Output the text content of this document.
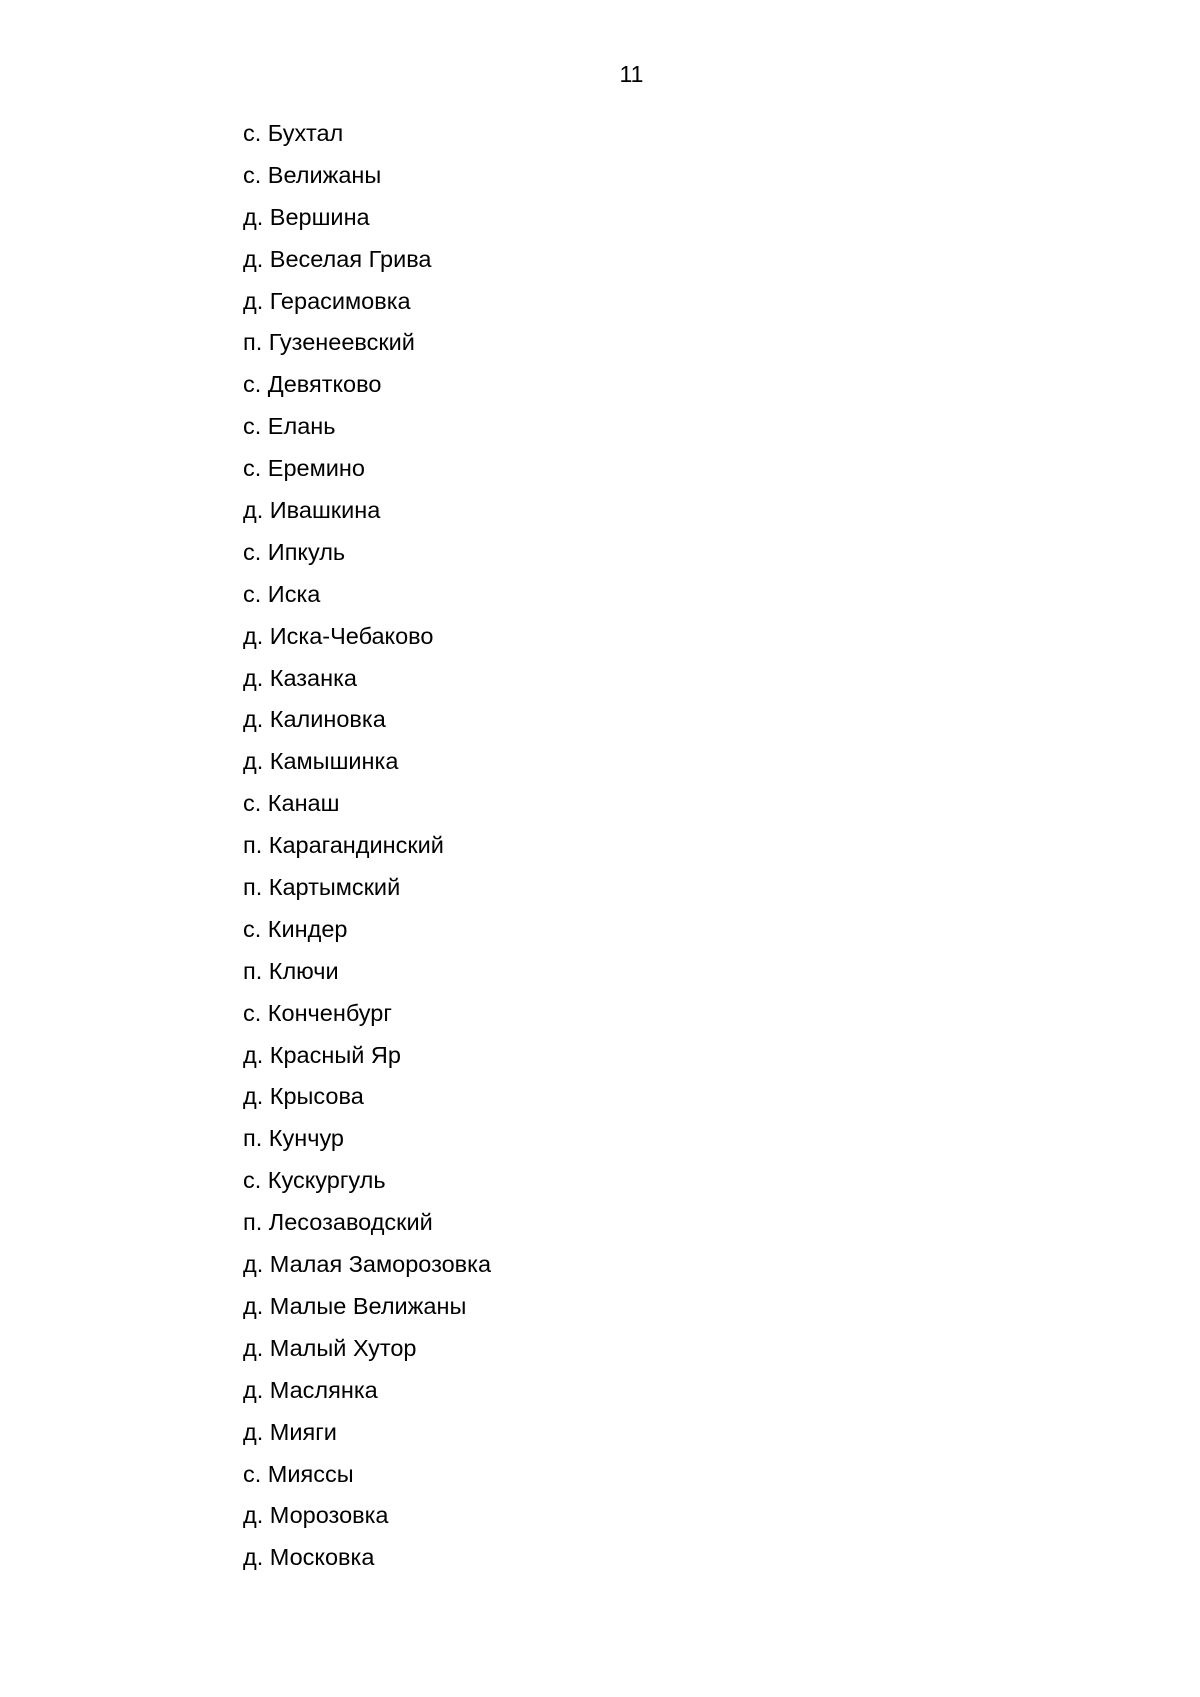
11
с. Бухтал
с. Велижаны
д. Вершина
д. Веселая Грива
д. Герасимовка
п. Гузенеевский
с. Девятково
с. Елань
с. Еремино
д. Ивашкина
с. Ипкуль
с. Иска
д. Иска-Чебаково
д. Казанка
д. Калиновка
д. Камышинка
с. Канаш
п. Карагандинский
п. Картымский
с. Киндер
п. Ключи
с. Конченбург
д. Красный Яр
д. Крысова
п. Кунчур
с. Кускургуль
п. Лесозаводский
д. Малая Заморозовка
д. Малые Велижаны
д. Малый Хутор
д. Маслянка
д. Мияги
с. Мияссы
д. Морозовка
д. Московка
